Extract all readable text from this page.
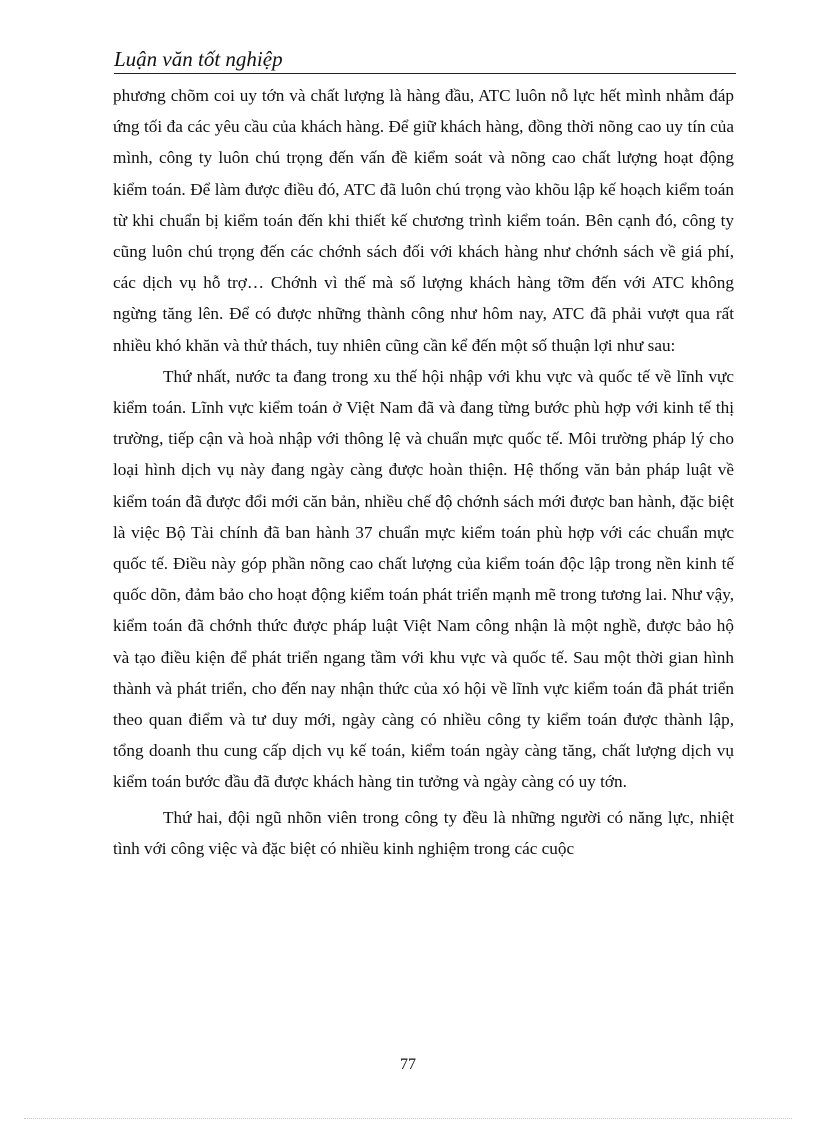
Luận văn tốt nghiệp

phương chõm coi uy tớn và chất lượng là hàng đầu, ATC luôn nỗ lực hết mình nhằm đáp ứng tối đa các yêu cầu của khách hàng. Để giữ khách hàng, đồng thời nõng cao uy tín của mình, công ty luôn chú trọng đến vấn đề kiểm soát và nõng cao chất lượng hoạt động kiểm toán. Để làm được điều đó, ATC đã luôn chú trọng vào khõu lập kế hoạch kiểm toán từ khi chuẩn bị kiểm toán đến khi thiết kế chương trình kiểm toán. Bên cạnh đó, công ty cũng luôn chú trọng đến các chớnh sách đối với khách hàng như chớnh sách về giá phí, các dịch vụ hỗ trợ… Chớnh vì thế mà số lượng khách hàng tỡm đến với ATC không ngừng tăng lên. Để có được những thành công như hôm nay, ATC đã phải vượt qua rất nhiều khó khăn và thử thách, tuy nhiên cũng cần kể đến một số thuận lợi như sau:

Thứ nhất, nước ta đang trong xu thế hội nhập với khu vực và quốc tế về lĩnh vực kiểm toán. Lĩnh vực kiểm toán ở Việt Nam đã và đang từng bước phù hợp với kinh tế thị trường, tiếp cận và hoà nhập với thông lệ và chuẩn mực quốc tế. Môi trường pháp lý cho loại hình dịch vụ này đang ngày càng được hoàn thiện. Hệ thống văn bản pháp luật về kiểm toán đã được đổi mới căn bản, nhiều chế độ chớnh sách mới được ban hành, đặc biệt là việc Bộ Tài chính đã ban hành 37 chuẩn mực kiểm toán phù hợp với các chuẩn mực quốc tế. Điều này góp phần nõng cao chất lượng của kiểm toán độc lập trong nền kinh tế quốc dõn, đảm bảo cho hoạt động kiểm toán phát triển mạnh mẽ trong tương lai. Như vậy, kiểm toán đã chớnh thức được pháp luật Việt Nam công nhận là một nghề, được bảo hộ và tạo điều kiện để phát triển ngang tầm với khu vực và quốc tế. Sau một thời gian hình thành và phát triển, cho đến nay nhận thức của xó hội về lĩnh vực kiểm toán đã phát triển theo quan điểm và tư duy mới, ngày càng có nhiều công ty kiểm toán được thành lập, tổng doanh thu cung cấp dịch vụ kế toán, kiểm toán ngày càng tăng, chất lượng dịch vụ kiểm toán bước đầu đã được khách hàng tin tưởng và ngày càng có uy tớn.

Thứ hai, đội ngũ nhõn viên trong công ty đều là những người có năng lực, nhiệt tình với công việc và đặc biệt có nhiều kinh nghiệm trong các cuộc

77
